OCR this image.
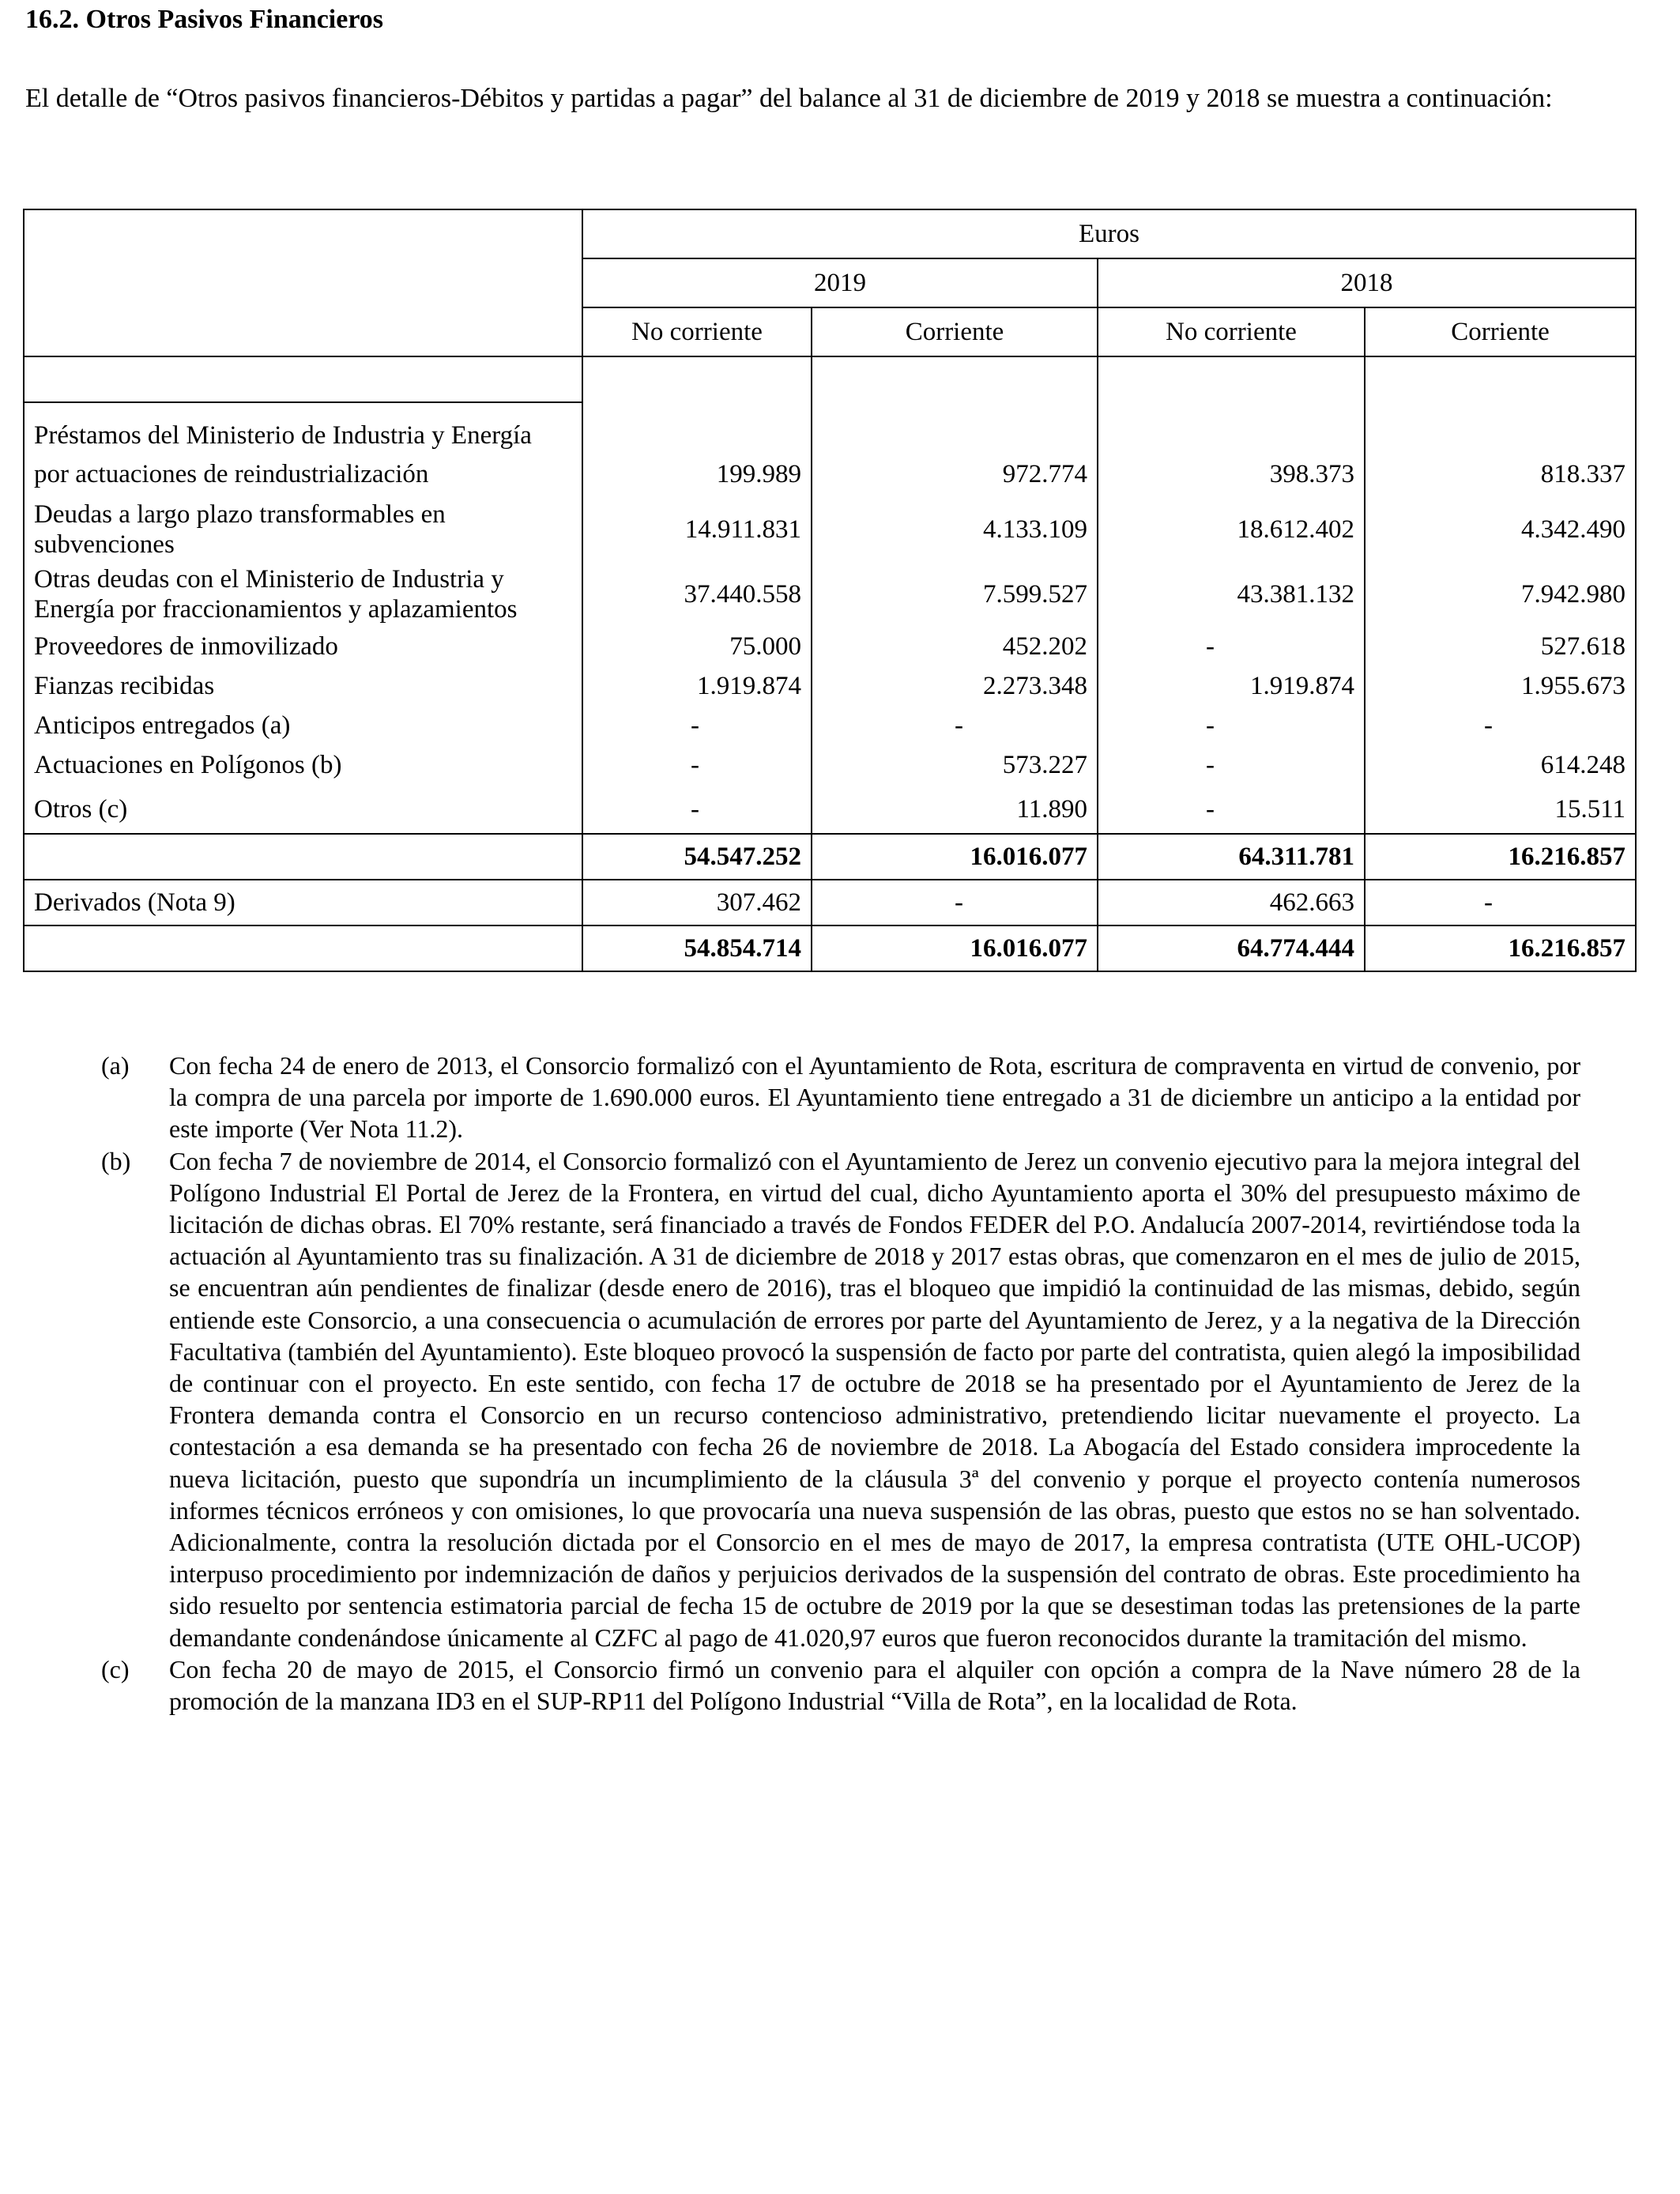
16.2. Otros Pasivos Financieros

El detalle de “Otros pasivos financieros-Débitos y partidas a pagar” del balance al 31 de diciembre de 2019 y 2018 se muestra a continuación:

	Euros			
	2019		2018	
	No corriente	Corriente	No corriente	Corriente

Préstamos del Ministerio de Industria y Energía				
por actuaciones de reindustrialización	199.989	972.774	398.373	818.337
Deudas a largo plazo transformables en
subvenciones	14.911.831	4.133.109	18.612.402	4.342.490
Otras deudas con el Ministerio de Industria y
Energía por fraccionamientos y aplazamientos	37.440.558	7.599.527	43.381.132	7.942.980
Proveedores de inmovilizado	75.000	452.202	-	527.618
Fianzas recibidas	1.919.874	2.273.348	1.919.874	1.955.673
Anticipos entregados (a)	-	-	-	-
Actuaciones en Polígonos (b)	-	573.227	-	614.248
Otros (c)	-	11.890	-	15.511
	54.547.252	16.016.077	64.311.781	16.216.857
Derivados (Nota 9)	307.462	-	462.663	-
	54.854.714	16.016.077	64.774.444	16.216.857
(a)	Con fecha 24 de enero de 2013, el Consorcio formalizó con el Ayuntamiento de Rota, escritura de compraventa en virtud de convenio, por la compra de una parcela por importe de 1.690.000 euros. El Ayuntamiento tiene entregado a 31 de diciembre un anticipo a la entidad por este importe (Ver Nota 11.2).

(b)	Con fecha 7 de noviembre de 2014, el Consorcio formalizó con el Ayuntamiento de Jerez un convenio ejecutivo para la mejora integral del Polígono Industrial El Portal de Jerez de la Frontera, en virtud del cual, dicho Ayuntamiento aporta el 30% del presupuesto máximo de licitación de dichas obras. El 70% restante, será financiado a través de Fondos FEDER del P.O. Andalucía 2007-2014, revirtiéndose toda la actuación al Ayuntamiento tras su finalización. A 31 de diciembre de 2018 y 2017 estas obras, que comenzaron en el mes de julio de 2015, se encuentran aún pendientes de finalizar (desde enero de 2016), tras el bloqueo que impidió la continuidad de las mismas, debido, según entiende este Consorcio, a una consecuencia o acumulación de errores por parte del Ayuntamiento de Jerez, y a la negativa de la Dirección Facultativa (también del Ayuntamiento). Este bloqueo provocó la suspensión de facto por parte del contratista, quien alegó la imposibilidad de continuar con el proyecto. En este sentido, con fecha 17 de octubre de 2018 se ha presentado por el Ayuntamiento de Jerez de la Frontera demanda contra el Consorcio en un recurso contencioso administrativo, pretendiendo licitar nuevamente el proyecto. La contestación a esa demanda se ha presentado con fecha 26 de noviembre de 2018. La Abogacía del Estado considera improcedente la nueva licitación, puesto que supondría un incumplimiento de la cláusula 3ª del convenio y porque el proyecto contenía numerosos informes técnicos erróneos y con omisiones, lo que provocaría una nueva suspensión de las obras, puesto que estos no se han solventado. Adicionalmente, contra la resolución dictada por el Consorcio en el mes de mayo de 2017, la empresa contratista (UTE OHL-UCOP) interpuso procedimiento por indemnización de daños y perjuicios derivados de la suspensión del contrato de obras. Este procedimiento ha sido resuelto por sentencia estimatoria parcial de fecha 15 de octubre de 2019 por la que se desestiman todas las pretensiones de la parte demandante condenándose únicamente al CZFC al pago de 41.020,97 euros que fueron reconocidos durante la tramitación del mismo.

(c)	Con fecha 20 de mayo de 2015, el Consorcio firmó un convenio para el alquiler con opción a compra de la Nave número 28 de la promoción de la manzana ID3 en el SUP-RP11 del Polígono Industrial “Villa de Rota”, en la localidad de Rota.
